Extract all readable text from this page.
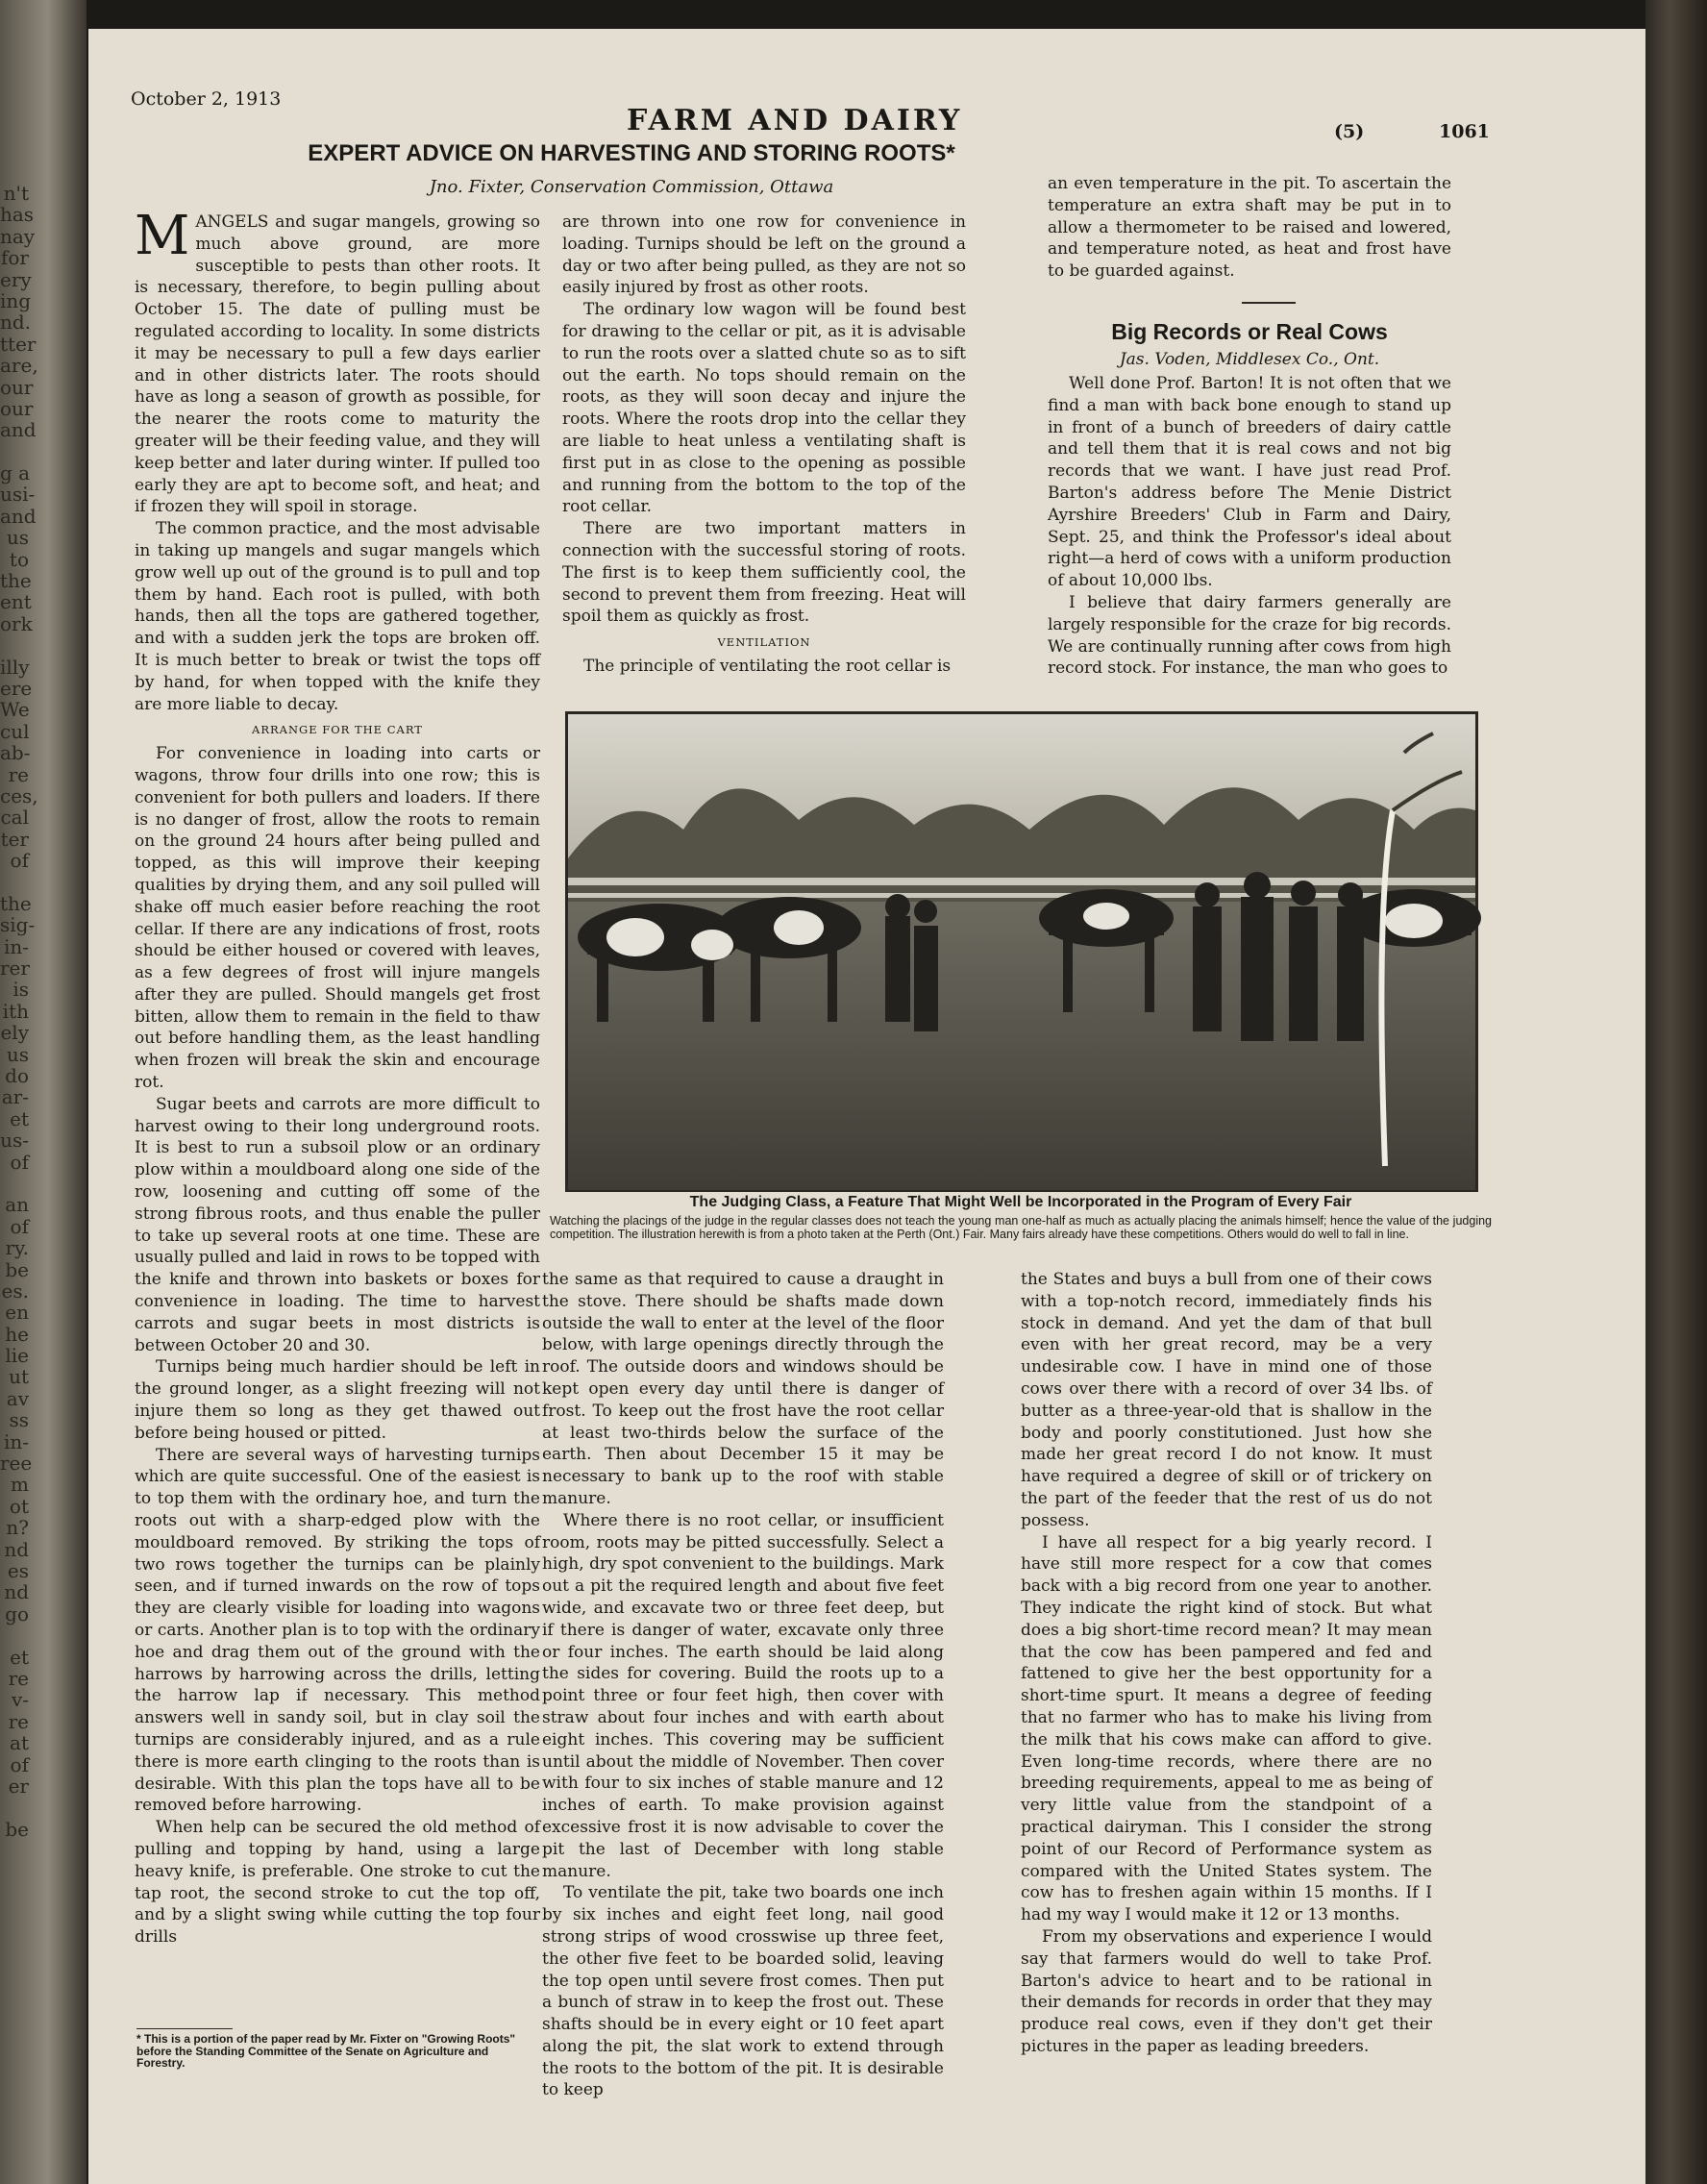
n't
has
nay
for
ery
ing
nd.
tter
are,
our
our
and
g a
usi-
and
us
to
the
ent
ork
illy
ere
We
cul
ab-
re
ces,
cal
ter
of
the
sig-
in-
rer
is
ith
ely
us
do
ar-
et
us-
of
an
of
ry.
be
es.
en
he
lie
ut
av
ss
in-
ree
m
ot
n?
nd
es
nd
go
et
re
v-
re
at
of
er
be
October 2, 1913
FARM AND DAIRY	(5)	1061
EXPERT ADVICE ON HARVESTING AND STORING ROOTS*
Jno. Fixter, Conservation Commission, Ottawa

MANGELS and sugar mangels, growing so much above ground, are more susceptible to pests than other roots. It is necessary, therefore, to begin pulling about October 15. The date of pulling must be regulated according to locality. In some districts it may be necessary to pull a few days earlier and in other districts later. The roots should have as long a season of growth as possible, for the nearer the roots come to maturity the greater will be their feeding value, and they will keep better and later during winter. If pulled too early they are apt to become soft, and heat; and if frozen they will spoil in storage.

The common practice, and the most advisable in taking up mangels and sugar mangels which grow well up out of the ground is to pull and top them by hand. Each root is pulled, with both hands, then all the tops are gathered together, and with a sudden jerk the tops are broken off. It is much better to break or twist the tops off by hand, for when topped with the knife they are more liable to decay.

ARRANGE FOR THE CART

For convenience in loading into carts or wagons, throw four drills into one row; this is convenient for both pullers and loaders. If there is no danger of frost, allow the roots to remain on the ground 24 hours after being pulled and topped, as this will improve their keeping qualities by drying them, and any soil pulled will shake off much easier before reaching the root cellar. If there are any indications of frost, roots should be either housed or covered with leaves, as a few degrees of frost will injure mangels after they are pulled. Should mangels get frost bitten, allow them to remain in the field to thaw out before handling them, as the least handling when frozen will break the skin and encourage rot.

Sugar beets and carrots are more difficult to harvest owing to their long underground roots. It is best to run a subsoil plow or an ordinary plow within a mouldboard along one side of the row, loosening and cutting off some of the strong fibrous roots, and thus enable the puller to take up several roots at one time. These are usually pulled and laid in rows to be topped with the knife and thrown into baskets or boxes for convenience in loading. The time to harvest carrots and sugar beets in most districts is between October 20 and 30.

Turnips being much hardier should be left in the ground longer, as a slight freezing will not injure them so long as they get thawed out before being housed or pitted.

There are several ways of harvesting turnips which are quite successful. One of the easiest is to top them with the ordinary hoe, and turn the roots out with a sharp-edged plow with the mouldboard removed. By striking the tops of two rows together the turnips can be plainly seen, and if turned inwards on the row of tops they are clearly visible for loading into wagons or carts. Another plan is to top with the ordinary hoe and drag them out of the ground with the harrows by harrowing across the drills, letting the harrow lap if necessary. This method answers well in sandy soil, but in clay soil the turnips are considerably injured, and as a rule there is more earth clinging to the roots than is desirable. With this plan the tops have all to be removed before harrowing.

When help can be secured the old method of pulling and topping by hand, using a large heavy knife, is preferable. One stroke to cut the tap root, the second stroke to cut the top off, and by a slight swing while cutting the top four drills

* This is a portion of the paper read by Mr. Fixter on "Growing Roots" before the Standing Committee of the Senate on Agriculture and Forestry.

are thrown into one row for convenience in loading. Turnips should be left on the ground a day or two after being pulled, as they are not so easily injured by frost as other roots.

The ordinary low wagon will be found best for drawing to the cellar or pit, as it is advisable to run the roots over a slatted chute so as to sift out the earth. No tops should remain on the roots, as they will soon decay and injure the roots. Where the roots drop into the cellar they are liable to heat unless a ventilating shaft is first put in as close to the opening as possible and running from the bottom to the top of the root cellar.

There are two important matters in connection with the successful storing of roots. The first is to keep them sufficiently cool, the second to prevent them from freezing. Heat will spoil them as quickly as frost.

VENTILATION

The principle of ventilating the root cellar is

an even temperature in the pit. To ascertain the temperature an extra shaft may be put in to allow a thermometer to be raised and lowered, and temperature noted, as heat and frost have to be guarded against.

Big Records or Real Cows
Jas. Voden, Middlesex Co., Ont.

Well done Prof. Barton! It is not often that we find a man with back bone enough to stand up in front of a bunch of breeders of dairy cattle and tell them that it is real cows and not big records that we want. I have just read Prof. Barton's address before The Menie District Ayrshire Breeders' Club in Farm and Dairy, Sept. 25, and think the Professor's ideal about right—a herd of cows with a uniform production of about 10,000 lbs.

I believe that dairy farmers generally are largely responsible for the craze for big records. We are continually running after cows from high record stock. For instance, the man who goes to

The Judging Class, a Feature That Might Well be Incorporated in the Program of Every Fair
Watching the placings of the judge in the regular classes does not teach the young man one-half as much as actually placing the animals himself; hence the value of the judging competition. The illustration herewith is from a photo taken at the Perth (Ont.) Fair. Many fairs already have these competitions. Others would do well to fall in line.

the same as that required to cause a draught in the stove. There should be shafts made down outside the wall to enter at the level of the floor below, with large openings directly through the roof. The outside doors and windows should be kept open every day until there is danger of frost. To keep out the frost have the root cellar at least two-thirds below the surface of the earth. Then about December 15 it may be necessary to bank up to the roof with stable manure.

Where there is no root cellar, or insufficient room, roots may be pitted successfully. Select a high, dry spot convenient to the buildings. Mark out a pit the required length and about five feet wide, and excavate two or three feet deep, but if there is danger of water, excavate only three or four inches. The earth should be laid along the sides for covering. Build the roots up to a point three or four feet high, then cover with straw about four inches and with earth about eight inches. This covering may be sufficient until about the middle of November. Then cover with four to six inches of stable manure and 12 inches of earth. To make provision against excessive frost it is now advisable to cover the pit the last of December with long stable manure.

To ventilate the pit, take two boards one inch by six inches and eight feet long, nail good strong strips of wood crosswise up three feet, the other five feet to be boarded solid, leaving the top open until severe frost comes. Then put a bunch of straw in to keep the frost out. These shafts should be in every eight or 10 feet apart along the pit, the slat work to extend through the roots to the bottom of the pit. It is desirable to keep

the States and buys a bull from one of their cows with a top-notch record, immediately finds his stock in demand. And yet the dam of that bull even with her great record, may be a very undesirable cow. I have in mind one of those cows over there with a record of over 34 lbs. of butter as a three-year-old that is shallow in the body and poorly constitutioned. Just how she made her great record I do not know. It must have required a degree of skill or of trickery on the part of the feeder that the rest of us do not possess.

I have all respect for a big yearly record. I have still more respect for a cow that comes back with a big record from one year to another. They indicate the right kind of stock. But what does a big short-time record mean? It may mean that the cow has been pampered and fed and fattened to give her the best opportunity for a short-time spurt. It means a degree of feeding that no farmer who has to make his living from the milk that his cows make can afford to give. Even long-time records, where there are no breeding requirements, appeal to me as being of very little value from the standpoint of a practical dairyman. This I consider the strong point of our Record of Performance system as compared with the United States system. The cow has to freshen again within 15 months. If I had my way I would make it 12 or 13 months.

From my observations and experience I would say that farmers would do well to take Prof. Barton's advice to heart and to be rational in their demands for records in order that they may produce real cows, even if they don't get their pictures in the paper as leading breeders.
